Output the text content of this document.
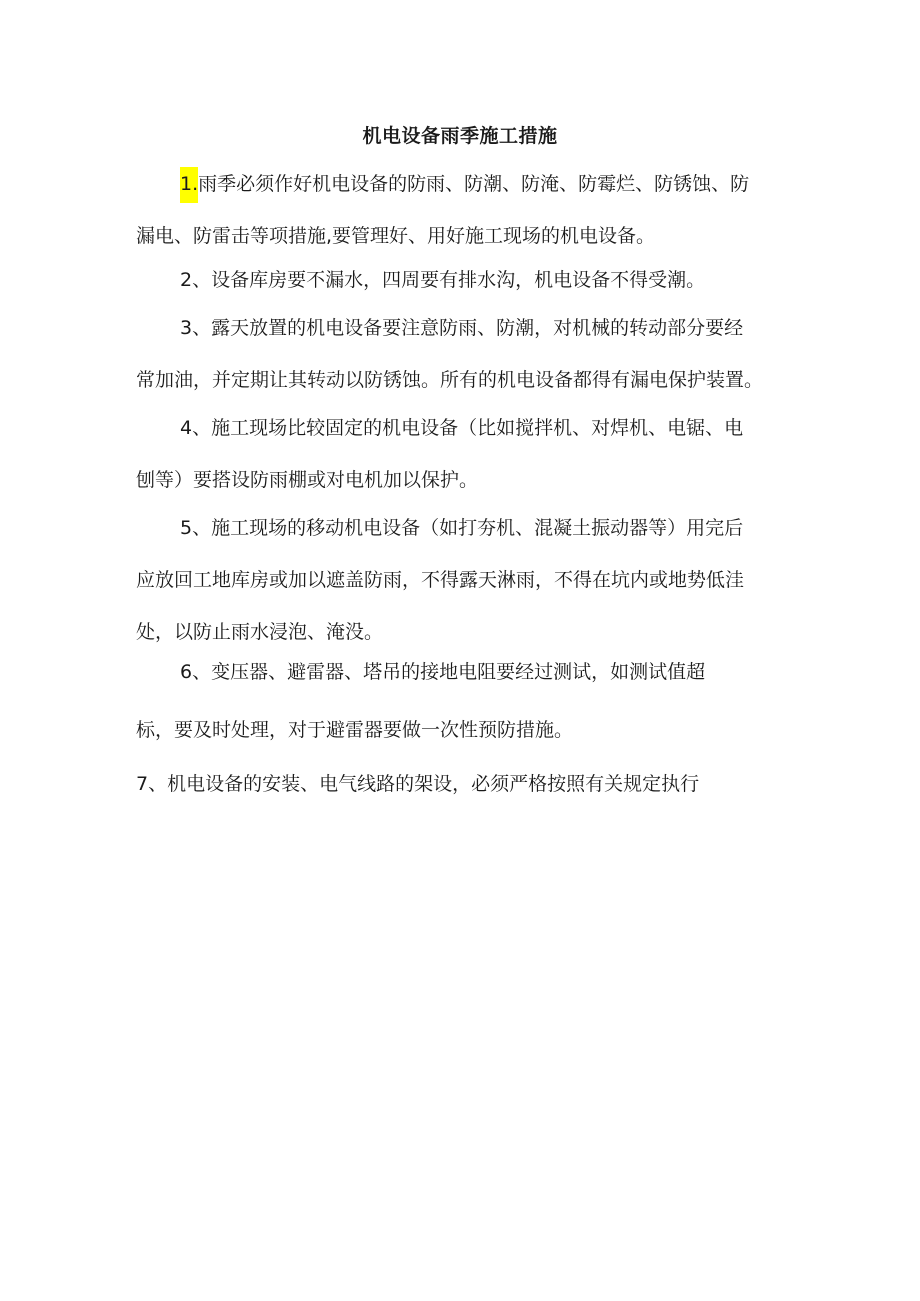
机电设备雨季施工措施
1.雨季必须作好机电设备的防雨、防潮、防淹、防霉烂、防锈蚀、防
漏电、防雷击等项措施,要管理好、用好施工现场的机电设备。
2、设备库房要不漏水，四周要有排水沟，机电设备不得受潮。
3、露天放置的机电设备要注意防雨、防潮，对机械的转动部分要经
常加油，并定期让其转动以防锈蚀。所有的机电设备都得有漏电保护装置。
4、施工现场比较固定的机电设备（比如搅拌机、对焊机、电锯、电
刨等）要搭设防雨棚或对电机加以保护。
5、施工现场的移动机电设备（如打夯机、混凝土振动器等）用完后
应放回工地库房或加以遮盖防雨，不得露天淋雨，不得在坑内或地势低洼
处，以防止雨水浸泡、淹没。
6、变压器、避雷器、塔吊的接地电阻要经过测试，如测试值超
标，要及时处理，对于避雷器要做一次性预防措施。
7、机电设备的安装、电气线路的架设，必须严格按照有关规定执行
